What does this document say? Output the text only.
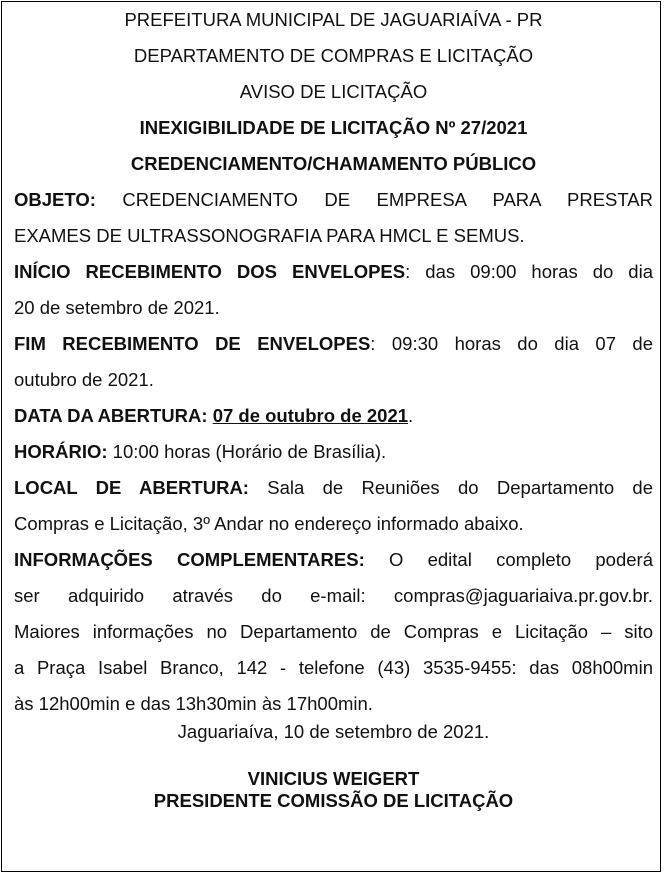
PREFEITURA MUNICIPAL DE JAGUARIAÍVA - PR
DEPARTAMENTO DE COMPRAS E LICITAÇÃO
AVISO DE LICITAÇÃO
INEXIGIBILIDADE DE LICITAÇÃO Nº 27/2021
CREDENCIAMENTO/CHAMAMENTO PÚBLICO
OBJETO: CREDENCIAMENTO DE EMPRESA PARA PRESTAR
EXAMES DE ULTRASSONOGRAFIA PARA HMCL E SEMUS.
INÍCIO RECEBIMENTO DOS ENVELOPES: das 09:00 horas do dia
20 de setembro de 2021.
FIM RECEBIMENTO DE ENVELOPES: 09:30 horas do dia 07 de
outubro de 2021.
DATA DA ABERTURA: 07 de outubro de 2021.
HORÁRIO: 10:00 horas (Horário de Brasília).
LOCAL DE ABERTURA: Sala de Reuniões do Departamento de
Compras e Licitação, 3º Andar no endereço informado abaixo.
INFORMAÇÕES COMPLEMENTARES: O edital completo poderá
ser adquirido através do e-mail: compras@jaguariaiva.pr.gov.br.
Maiores informações no Departamento de Compras e Licitação – sito
a Praça Isabel Branco, 142 - telefone (43) 3535-9455: das 08h00min
às 12h00min e das 13h30min às 17h00min.
Jaguariaíva, 10 de setembro de 2021.
VINICIUS WEIGERT
PRESIDENTE COMISSÃO DE LICITAÇÃO
